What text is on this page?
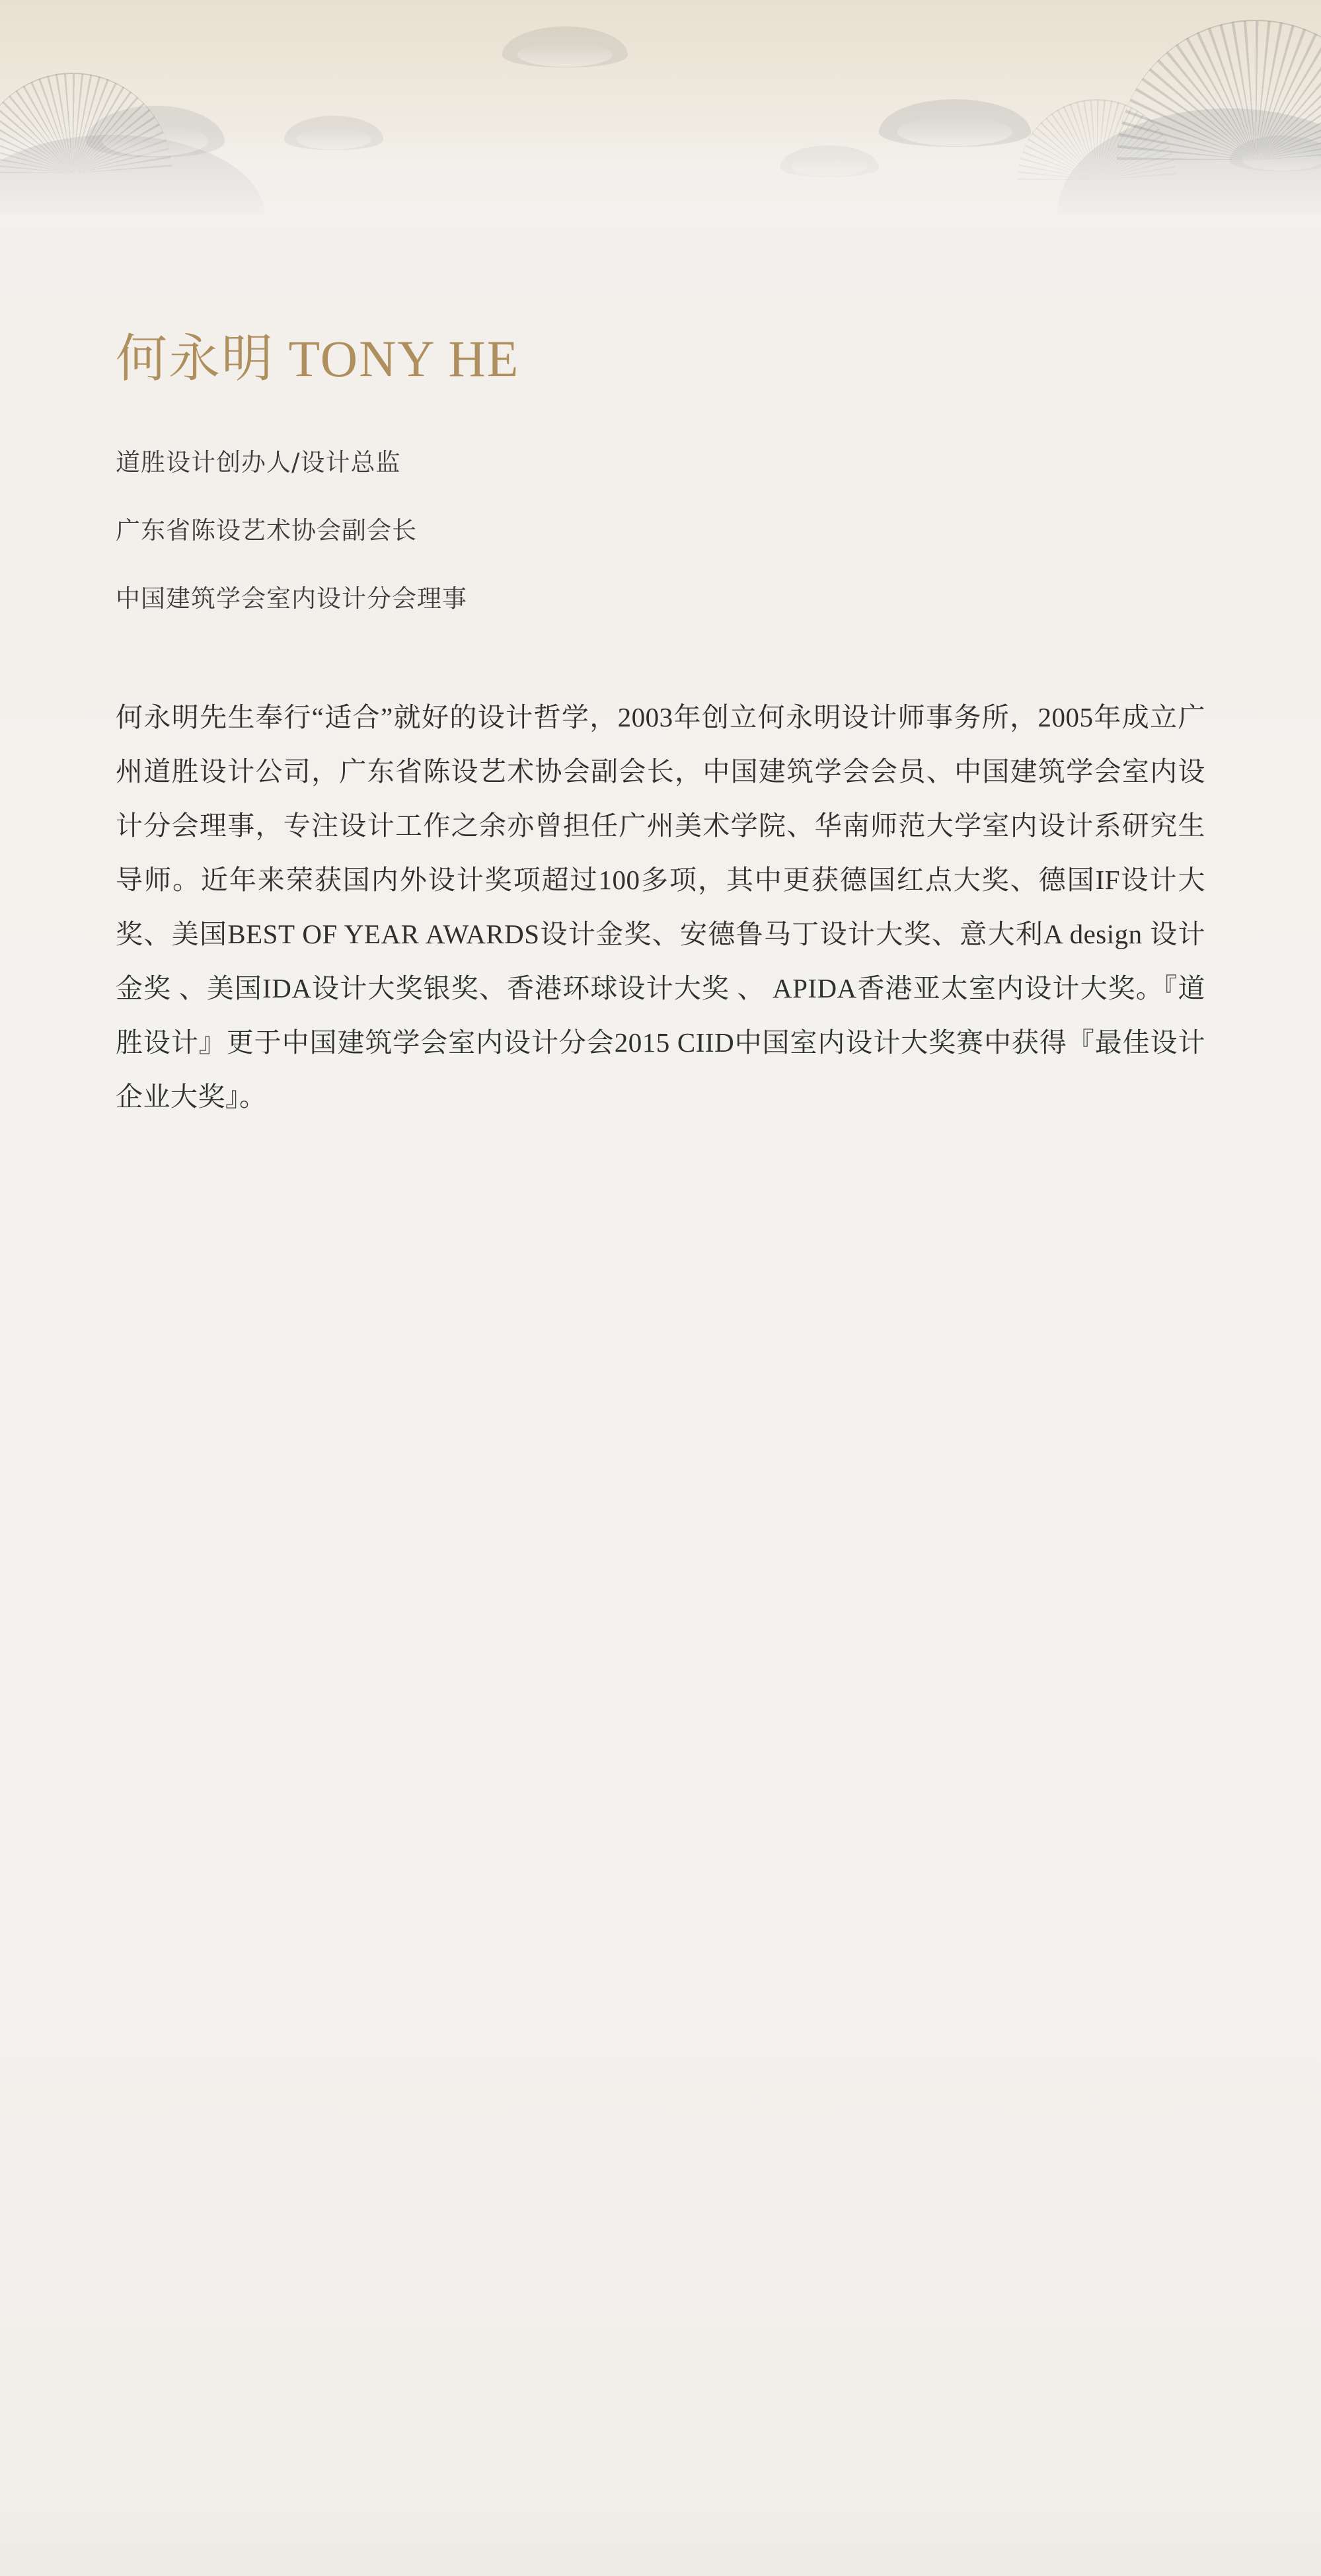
何永明 TONY HE
道胜设计创办人/设计总监
广东省陈设艺术协会副会长
中国建筑学会室内设计分会理事

何永明先生奉行“适合”就好的设计哲学，2003年创立何永明设计师事务所，2005年成立广州道胜设计公司，广东省陈设艺术协会副会长，中国建筑学会会员、中国建筑学会室内设计分会理事，专注设计工作之余亦曾担任广州美术学院、华南师范大学室内设计系研究生导师。近年来荣获国内外设计奖项超过100多项，其中更获德国红点大奖、德国IF设计大奖、美国BEST OF YEAR AWARDS设计金奖、安德鲁马丁设计大奖、意大利A design 设计金奖 、美国IDA设计大奖银奖、香港环球设计大奖 、 APIDA香港亚太室内设计大奖。『道胜设计』更于中国建筑学会室内设计分会2015 CIID中国室内设计大奖赛中获得『最佳设计企业大奖』。
